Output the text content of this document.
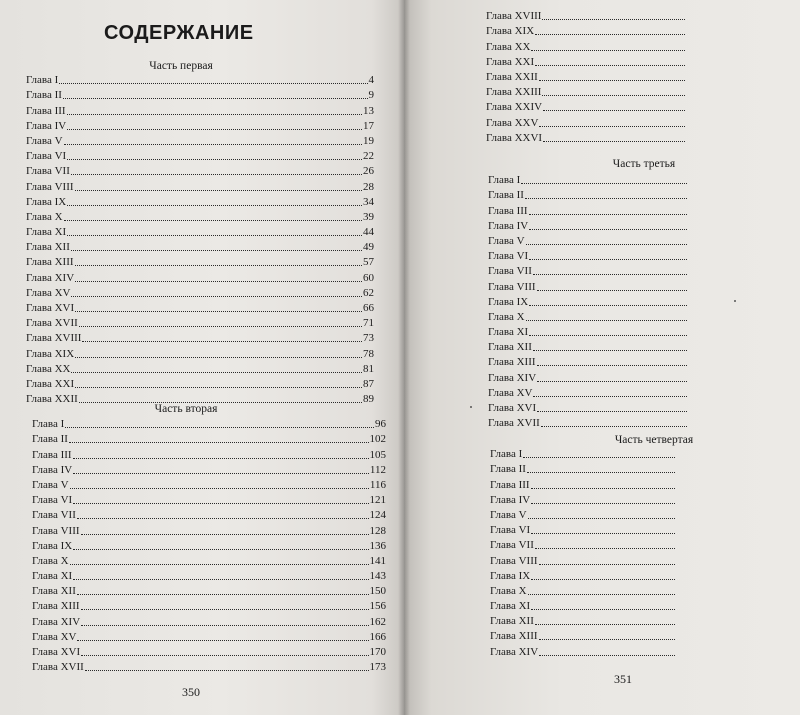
СОДЕРЖАНИЕ
Часть первая
Глава I	4
Глава II	9
Глава III	13
Глава IV	17
Глава V	19
Глава VI	22
Глава VII	26
Глава VIII	28
Глава IX	34
Глава X	39
Глава XI	44
Глава XII	49
Глава XIII	57
Глава XIV	60
Глава XV	62
Глава XVI	66
Глава XVII	71
Глава XVIII	73
Глава XIX	78
Глава XX	81
Глава XXI	87
Глава XXII	89
Часть вторая
Глава I	96
Глава II	102
Глава III	105
Глава IV	112
Глава V	116
Глава VI	121
Глава VII	124
Глава VIII	128
Глава IX	136
Глава X	141
Глава XI	143
Глава XII	150
Глава XIII	156
Глава XIV	162
Глава XV	166
Глава XVI	170
Глава XVII	173
350
Глава XVIII
Глава XIX
Глава XX
Глава XXI
Глава XXII
Глава XXIII
Глава XXIV
Глава XXV
Глава XXVI
Часть третья
Глава I
Глава II
Глава III
Глава IV
Глава V
Глава VI
Глава VII
Глава VIII
Глава IX
Глава X
Глава XI
Глава XII
Глава XIII
Глава XIV
Глава XV
Глава XVI
Глава XVII
Часть четвертая
Глава I
Глава II
Глава III
Глава IV
Глава V
Глава VI
Глава VII
Глава VIII
Глава IX
Глава X
Глава XI
Глава XII
Глава XIII
Глава XIV
351
